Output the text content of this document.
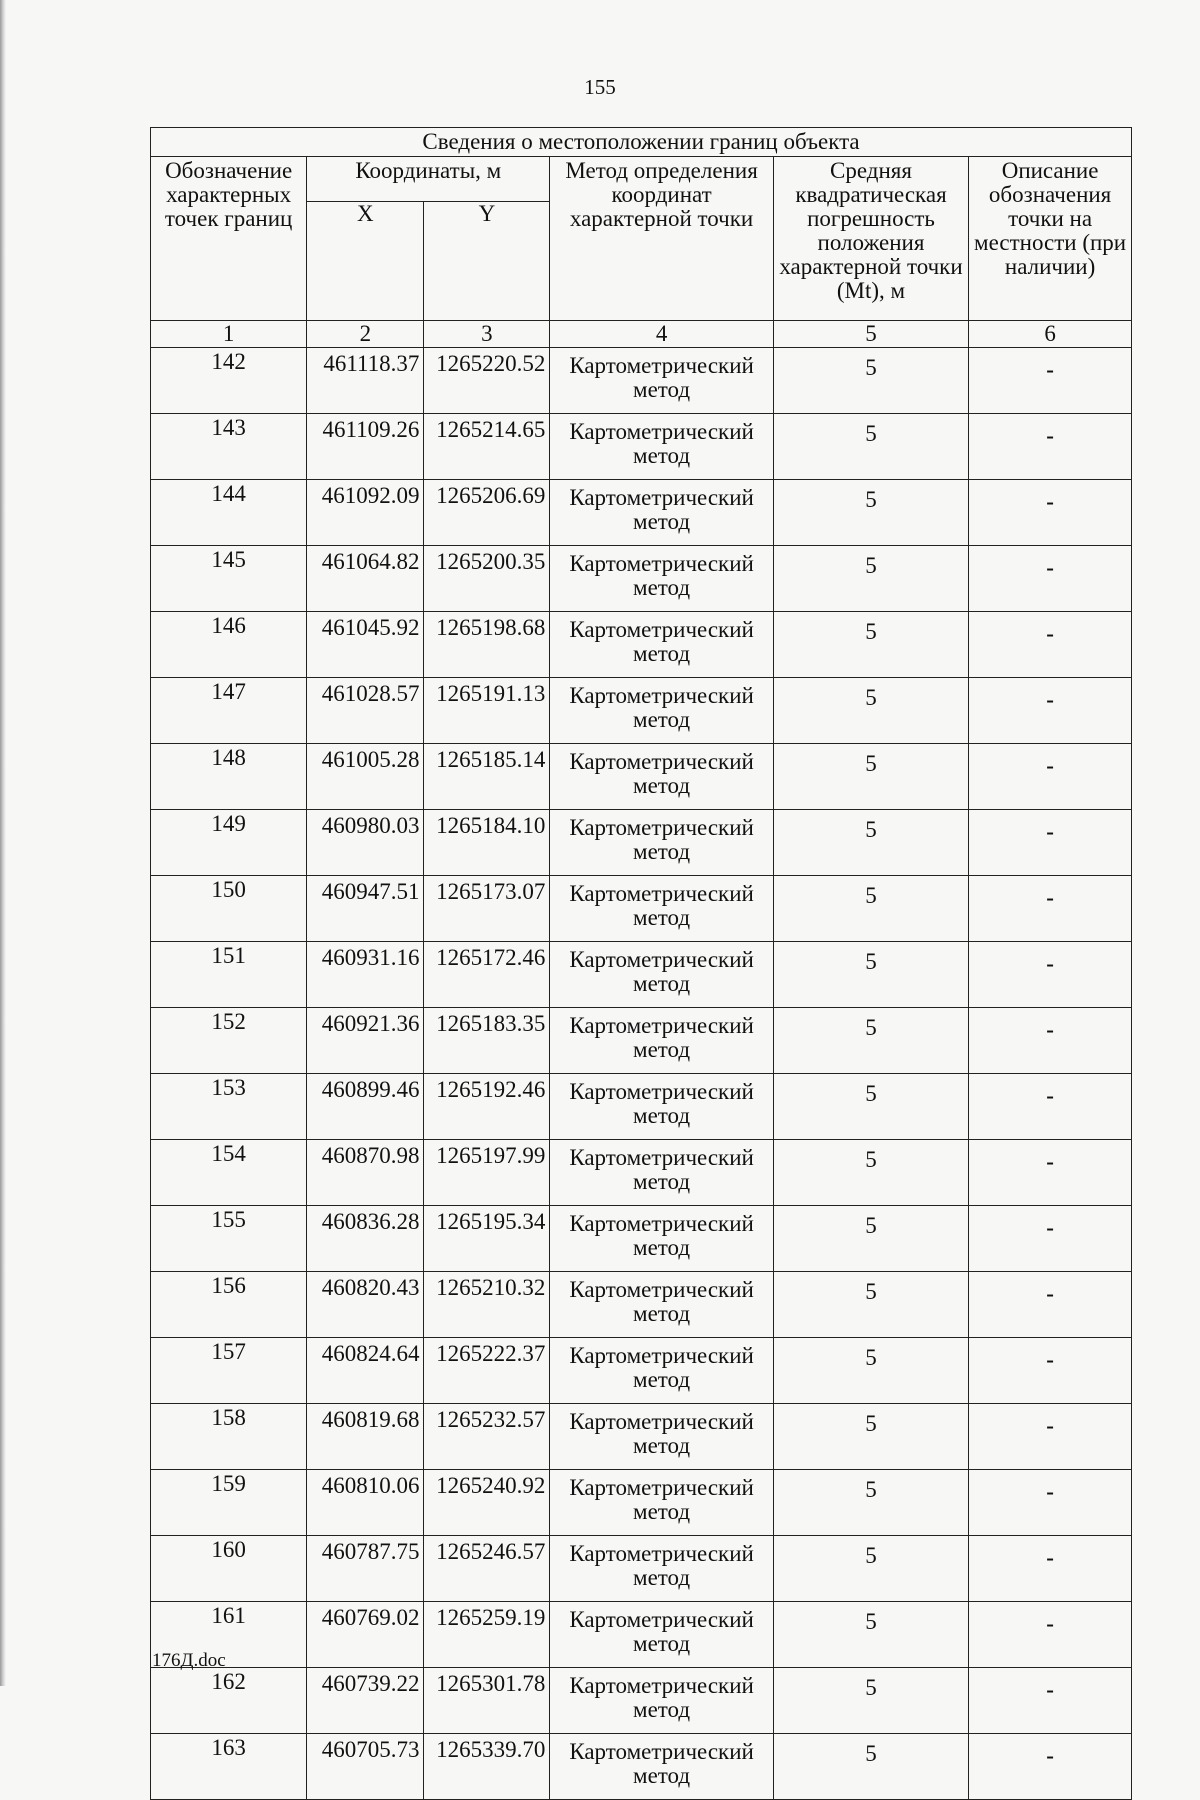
155
Сведения о местоположении границ объекта					
Обозначение характерных точек границ	Координаты, м		Метод определения координат характерной точки	Средняя квадратическая погрешность положения характерной точки (Mt), м	Описание обозначения точки на местности (при наличии)
	X	Y			
1	2	3	4	5	6
142	461118.37	1265220.52	Картометрический метод	5	-
143	461109.26	1265214.65	Картометрический метод	5	-
144	461092.09	1265206.69	Картометрический метод	5	-
145	461064.82	1265200.35	Картометрический метод	5	-
146	461045.92	1265198.68	Картометрический метод	5	-
147	461028.57	1265191.13	Картометрический метод	5	-
148	461005.28	1265185.14	Картометрический метод	5	-
149	460980.03	1265184.10	Картометрический метод	5	-
150	460947.51	1265173.07	Картометрический метод	5	-
151	460931.16	1265172.46	Картометрический метод	5	-
152	460921.36	1265183.35	Картометрический метод	5	-
153	460899.46	1265192.46	Картометрический метод	5	-
154	460870.98	1265197.99	Картометрический метод	5	-
155	460836.28	1265195.34	Картометрический метод	5	-
156	460820.43	1265210.32	Картометрический метод	5	-
157	460824.64	1265222.37	Картометрический метод	5	-
158	460819.68	1265232.57	Картометрический метод	5	-
159	460810.06	1265240.92	Картометрический метод	5	-
160	460787.75	1265246.57	Картометрический метод	5	-
161	460769.02	1265259.19	Картометрический метод	5	-
162	460739.22	1265301.78	Картометрический метод	5	-
163	460705.73	1265339.70	Картометрический метод	5	-
176Д.doc
